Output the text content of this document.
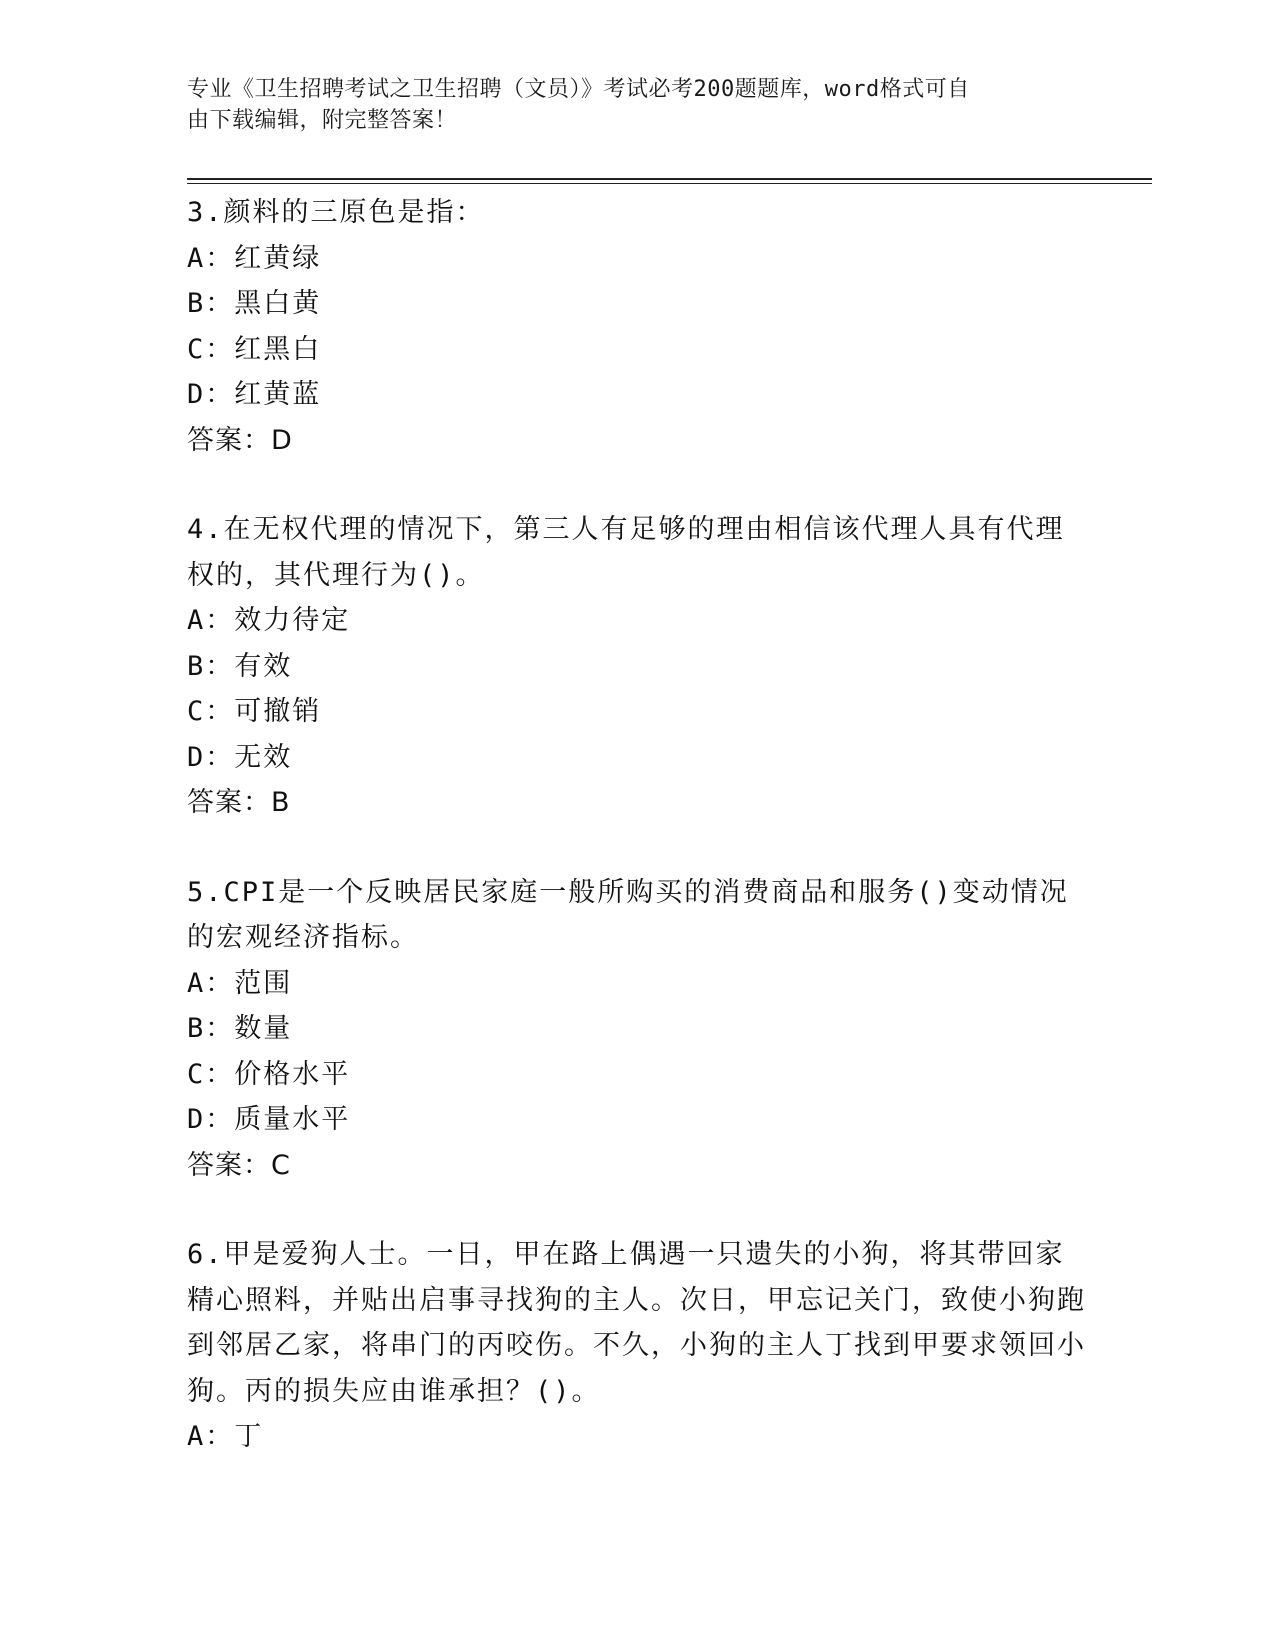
专业《卫生招聘考试之卫生招聘（文员）》考试必考200题题库，word格式可自
由下载编辑，附完整答案！

3.颜料的三原色是指：

A：红黄绿

B：黑白黄

C：红黑白

D：红黄蓝

答案：D

4.在无权代理的情况下，第三人有足够的理由相信该代理人具有代理权的，其代理行为()。

A：效力待定

B：有效

C：可撤销

D：无效

答案：B

5.CPI是一个反映居民家庭一般所购买的消费商品和服务()变动情况的宏观经济指标。

A：范围

B：数量

C：价格水平

D：质量水平

答案：C

6.甲是爱狗人士。一日，甲在路上偶遇一只遗失的小狗，将其带回家精心照料，并贴出启事寻找狗的主人。次日，甲忘记关门，致使小狗跑到邻居乙家，将串门的丙咬伤。不久，小狗的主人丁找到甲要求领回小狗。丙的损失应由谁承担？()。

A：丁
